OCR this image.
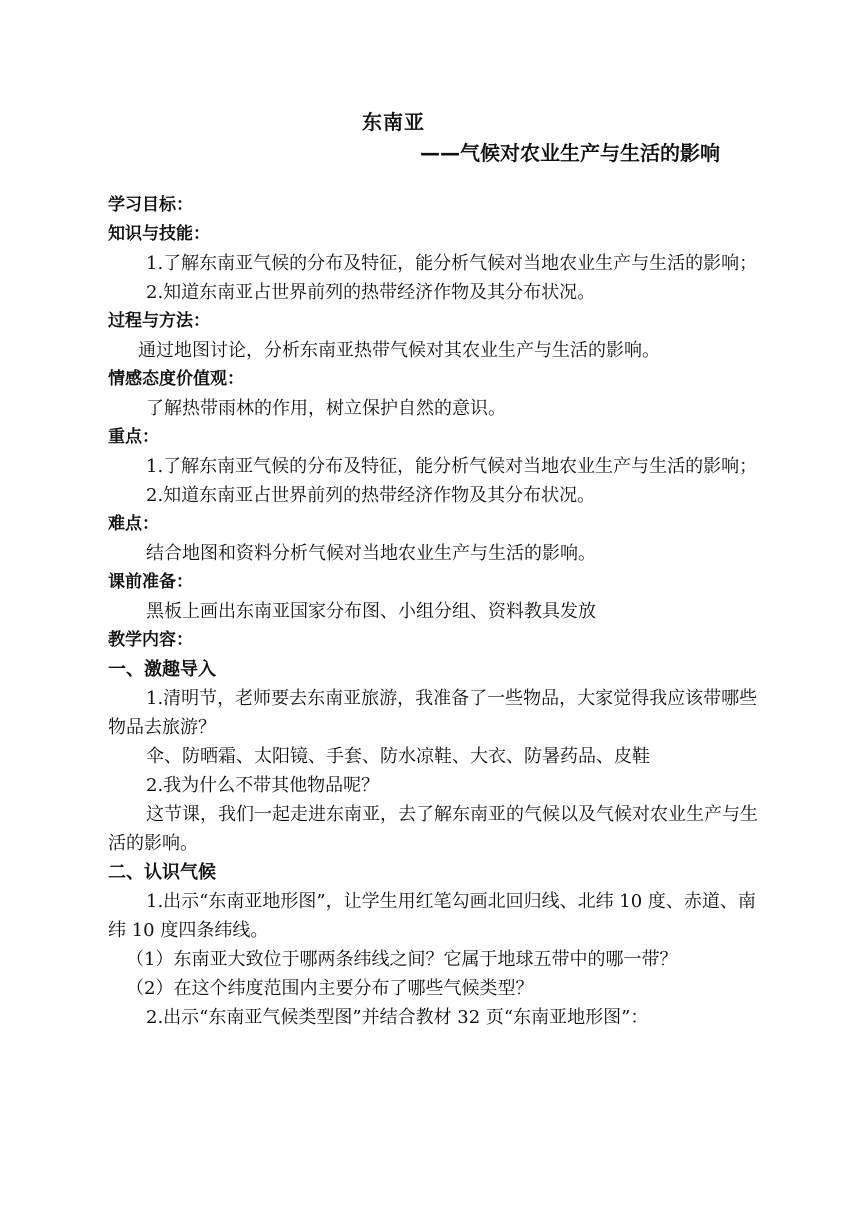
东南亚
——气候对农业生产与生活的影响

学习目标：

知识与技能：

1.了解东南亚气候的分布及特征，能分析气候对当地农业生产与生活的影响；

2.知道东南亚占世界前列的热带经济作物及其分布状况。

过程与方法：

通过地图讨论，分析东南亚热带气候对其农业生产与生活的影响。

情感态度价值观：

了解热带雨林的作用，树立保护自然的意识。

重点：

1.了解东南亚气候的分布及特征，能分析气候对当地农业生产与生活的影响；

2.知道东南亚占世界前列的热带经济作物及其分布状况。

难点：

结合地图和资料分析气候对当地农业生产与生活的影响。

课前准备：

黑板上画出东南亚国家分布图、小组分组、资料教具发放

教学内容：

一、激趣导入

1.清明节，老师要去东南亚旅游，我准备了一些物品，大家觉得我应该带哪些物品去旅游？

伞、防晒霜、太阳镜、手套、防水凉鞋、大衣、防暑药品、皮鞋

2.我为什么不带其他物品呢？

这节课，我们一起走进东南亚，去了解东南亚的气候以及气候对农业生产与生活的影响。

二、认识气候

1.出示“东南亚地形图”，让学生用红笔勾画北回归线、北纬 10 度、赤道、南纬 10 度四条纬线。

（1）东南亚大致位于哪两条纬线之间？它属于地球五带中的哪一带？

（2）在这个纬度范围内主要分布了哪些气候类型？

2.出示“东南亚气候类型图”并结合教材 32 页“东南亚地形图”：
